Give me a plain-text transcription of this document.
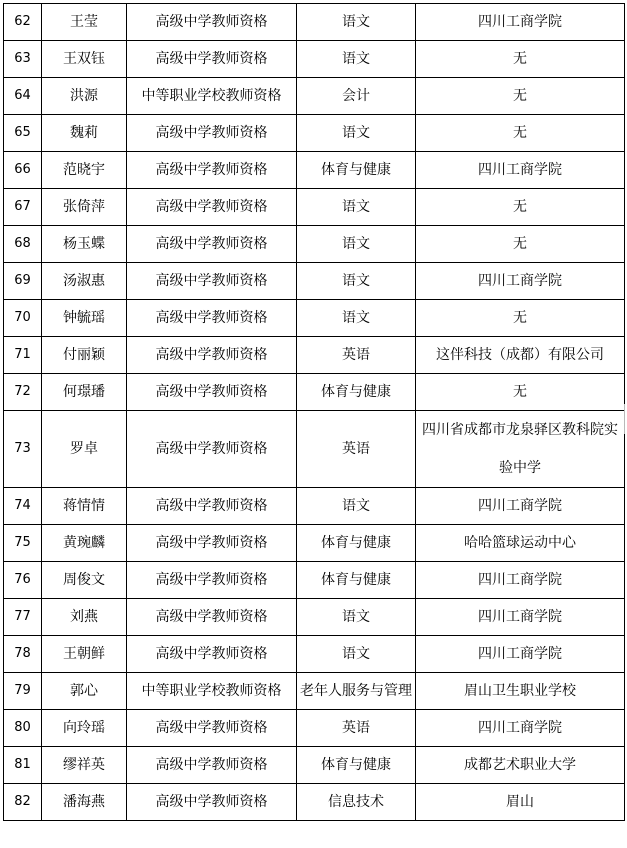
62	王莹	高级中学教师资格	语文	四川工商学院
63	王双钰	高级中学教师资格	语文	无
64	洪源	中等职业学校教师资格	会计	无
65	魏莉	高级中学教师资格	语文	无
66	范晓宇	高级中学教师资格	体育与健康	四川工商学院
67	张倚萍	高级中学教师资格	语文	无
68	杨玉蝶	高级中学教师资格	语文	无
69	汤淑惠	高级中学教师资格	语文	四川工商学院
70	钟毓瑶	高级中学教师资格	语文	无
71	付丽颖	高级中学教师资格	英语	这伴科技（成都）有限公司
72	何璟璠	高级中学教师资格	体育与健康	无
73	罗卓	高级中学教师资格	英语	四川省成都市龙泉驿区教科院实验中学
74	蒋情情	高级中学教师资格	语文	四川工商学院
75	黄琬麟	高级中学教师资格	体育与健康	哈哈篮球运动中心
76	周俊文	高级中学教师资格	体育与健康	四川工商学院
77	刘燕	高级中学教师资格	语文	四川工商学院
78	王朝鲜	高级中学教师资格	语文	四川工商学院
79	郭心	中等职业学校教师资格	老年人服务与管理	眉山卫生职业学校
80	向玲瑶	高级中学教师资格	英语	四川工商学院
81	缪祥英	高级中学教师资格	体育与健康	成都艺术职业大学
82	潘海燕	高级中学教师资格	信息技术	眉山
